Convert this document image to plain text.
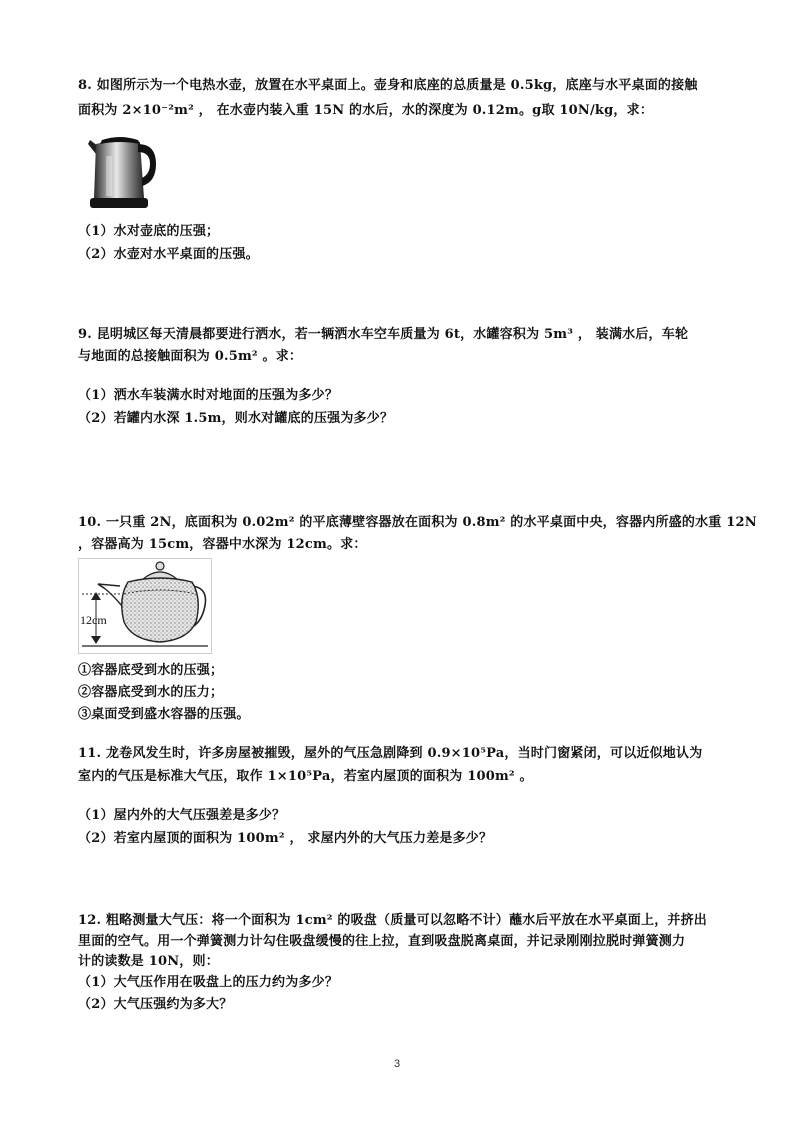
8. 如图所示为一个电热水壶，放置在水平桌面上。壶身和底座的总质量是 0.5kg，底座与水平桌面的接触
面积为 2×10⁻²m² ， 在水壶内装入重 15N 的水后，水的深度为 0.12m。g取 10N/kg，求：
（1）水对壶底的压强；
（2）水壶对水平桌面的压强。
9. 昆明城区每天清晨都要进行洒水，若一辆洒水车空车质量为 6t，水罐容积为 5m³ ， 装满水后，车轮
与地面的总接触面积为 0.5m² 。求：
（1）洒水车装满水时对地面的压强为多少？
（2）若罐内水深 1.5m，则水对罐底的压强为多少？
10. 一只重 2N，底面积为 0.02m² 的平底薄壁容器放在面积为 0.8m² 的水平桌面中央，容器内所盛的水重 12N
，容器高为 15cm，容器中水深为 12cm。求：
12cm
①容器底受到水的压强；
②容器底受到水的压力；
③桌面受到盛水容器的压强。
11. 龙卷风发生时，许多房屋被摧毁，屋外的气压急剧降到 0.9×10⁵Pa，当时门窗紧闭，可以近似地认为
室内的气压是标准大气压，取作 1×10⁵Pa，若室内屋顶的面积为 100m² 。
（1）屋内外的大气压强差是多少？
（2）若室内屋顶的面积为 100m² ， 求屋内外的大气压力差是多少？
12. 粗略测量大气压：将一个面积为 1cm² 的吸盘（质量可以忽略不计）蘸水后平放在水平桌面上，并挤出
里面的空气。用一个弹簧测力计勾住吸盘缓慢的往上拉，直到吸盘脱离桌面，并记录刚刚拉脱时弹簧测力
计的读数是 10N，则：
（1）大气压作用在吸盘上的压力约为多少？
（2）大气压强约为多大？
3
